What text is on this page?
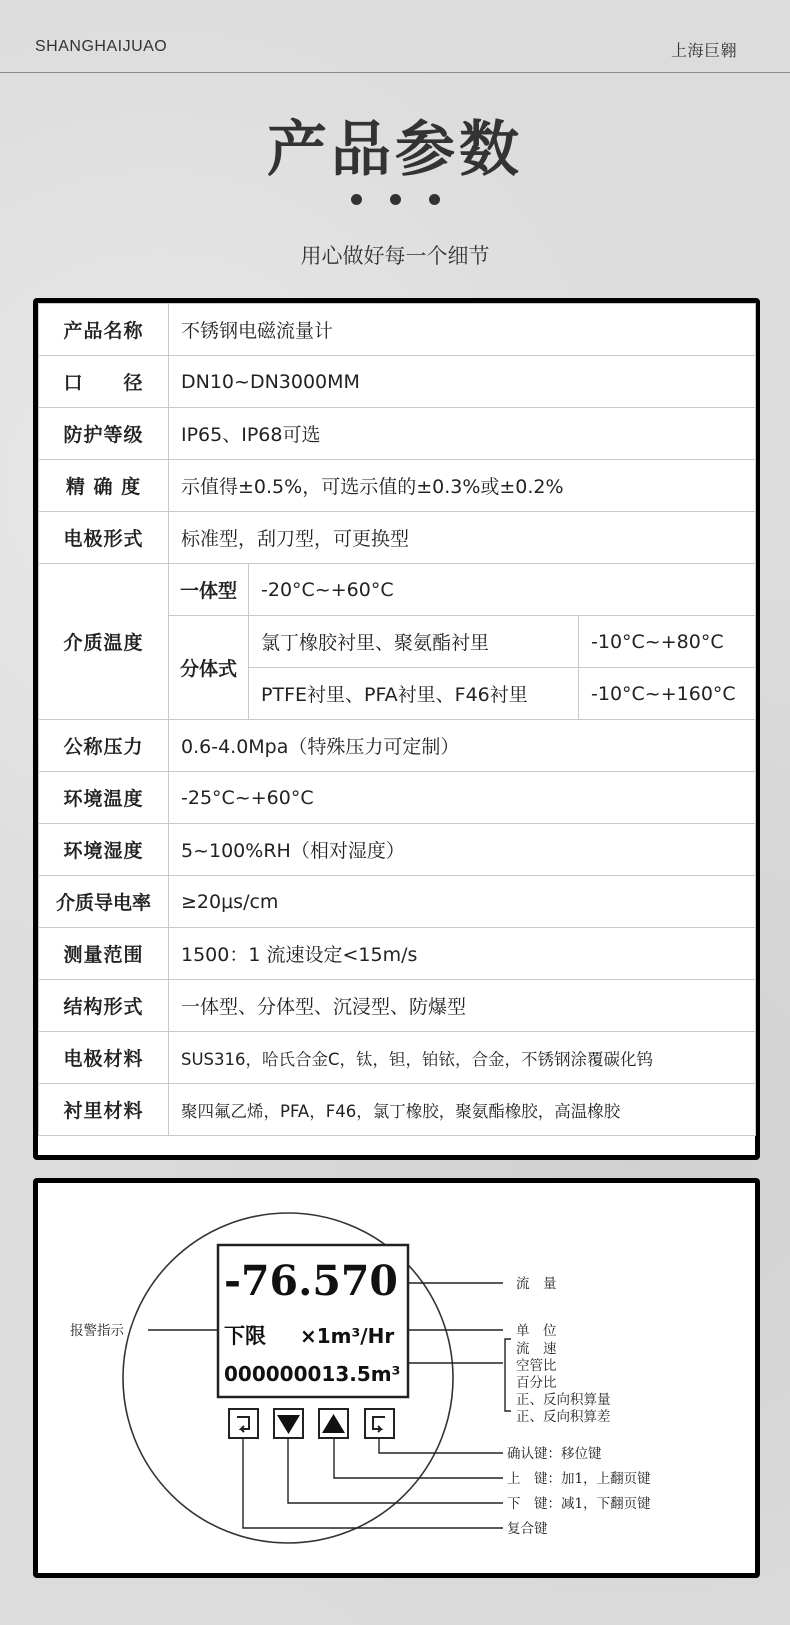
SHANGHAIJUAO	上海巨翱
产品参数
用心做好每一个细节
产品名称	不锈钢电磁流量计		
口　　径	DN10~DN3000MM		
防护等级	IP65、IP68可选		
精 确 度	示值得±0.5%，可选示值的±0.3%或±0.2%		
电极形式	标准型，刮刀型，可更换型		
介质温度	一体型	-20°C~+60°C	
	分体式	氯丁橡胶衬里、聚氨酯衬里	-10°C~+80°C
		PTFE衬里、PFA衬里、F46衬里	-10°C~+160°C
公称压力	0.6-4.0Mpa（特殊压力可定制）		
环境温度	-25°C~+60°C		
环境湿度	5~100%RH（相对湿度）		
介质导电率	≥20μs/cm		
测量范围	1500：1 流速设定<15m/s		
结构形式	一体型、分体型、沉浸型、防爆型		
电极材料	SUS316，哈氏合金C，钛，钽，铂铱，合金，不锈钢涂覆碳化钨		
衬里材料	聚四氟乙烯，PFA，F46，氯丁橡胶，聚氨酯橡胶，高温橡胶		
-76.570
下限 ×1m³/Hr
000000013.5m³
报警指示
流　量
单　位
流　速
空管比
百分比
正、反向积算量
正、反向积算差
确认键：移位键
上　键：加1，上翻页键
下　键：减1，下翻页键
复合键
